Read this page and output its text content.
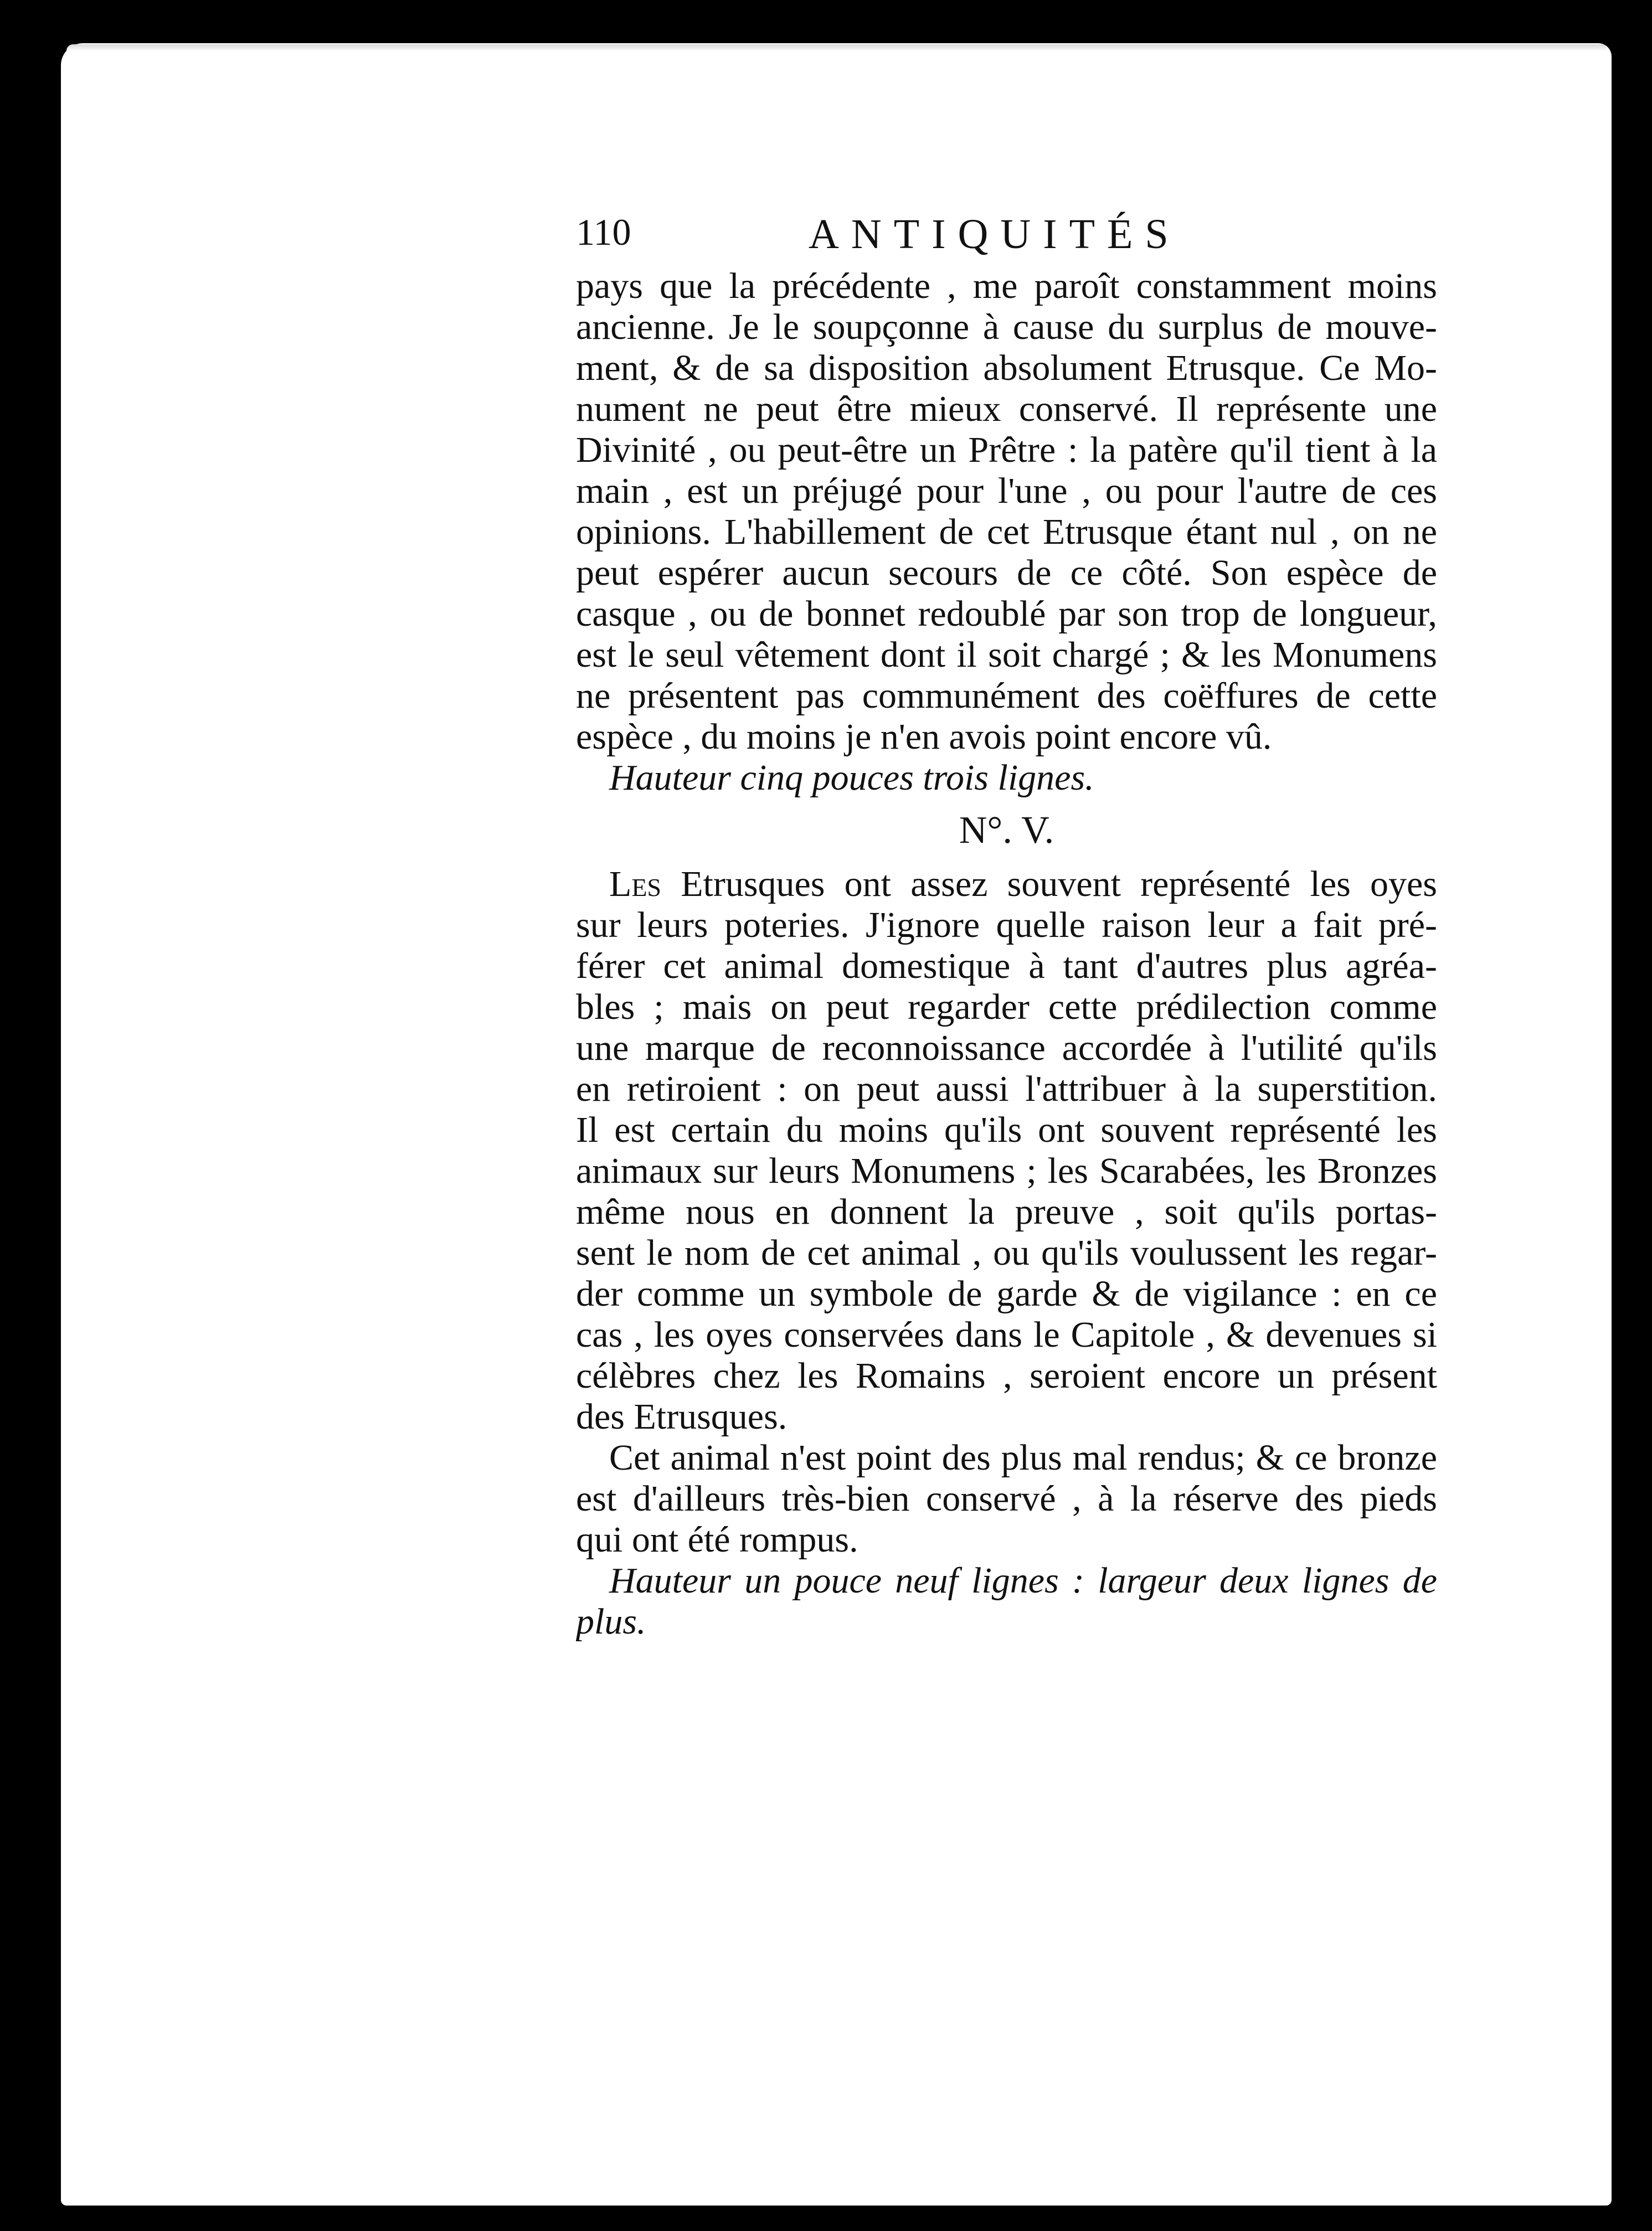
110	ANTIQUITÉS
pays que la précédente , me paroît constamment moins
ancienne. Je le soupçonne à cause du surplus de mouve-
ment, & de sa disposition absolument Etrusque. Ce Mo-
nument ne peut être mieux conservé. Il représente une
Divinité , ou peut-être un Prêtre : la patère qu'il tient à la
main , est un préjugé pour l'une , ou pour l'autre de ces
opinions. L'habillement de cet Etrusque étant nul , on ne
peut espérer aucun secours de ce côté. Son espèce de
casque , ou de bonnet redoublé par son trop de longueur,
est le seul vêtement dont il soit chargé ; & les Monumens
ne présentent pas communément des coëffures de cette
espèce , du moins je n'en avois point encore vû.
Hauteur cinq pouces trois lignes.
N°. V.
Les Etrusques ont assez souvent représenté les oyes
sur leurs poteries. J'ignore quelle raison leur a fait pré-
férer cet animal domestique à tant d'autres plus agréa-
bles ; mais on peut regarder cette prédilection comme
une marque de reconnoissance accordée à l'utilité qu'ils
en retiroient : on peut aussi l'attribuer à la superstition.
Il est certain du moins qu'ils ont souvent représenté les
animaux sur leurs Monumens ; les Scarabées, les Bronzes
même nous en donnent la preuve , soit qu'ils portas-
sent le nom de cet animal , ou qu'ils voulussent les regar-
der comme un symbole de garde & de vigilance : en ce
cas , les oyes conservées dans le Capitole , & devenues si
célèbres chez les Romains , seroient encore un présent
des Etrusques.
Cet animal n'est point des plus mal rendus; & ce bronze
est d'ailleurs très-bien conservé , à la réserve des pieds
qui ont été rompus.
Hauteur un pouce neuf lignes : largeur deux lignes de
plus.
